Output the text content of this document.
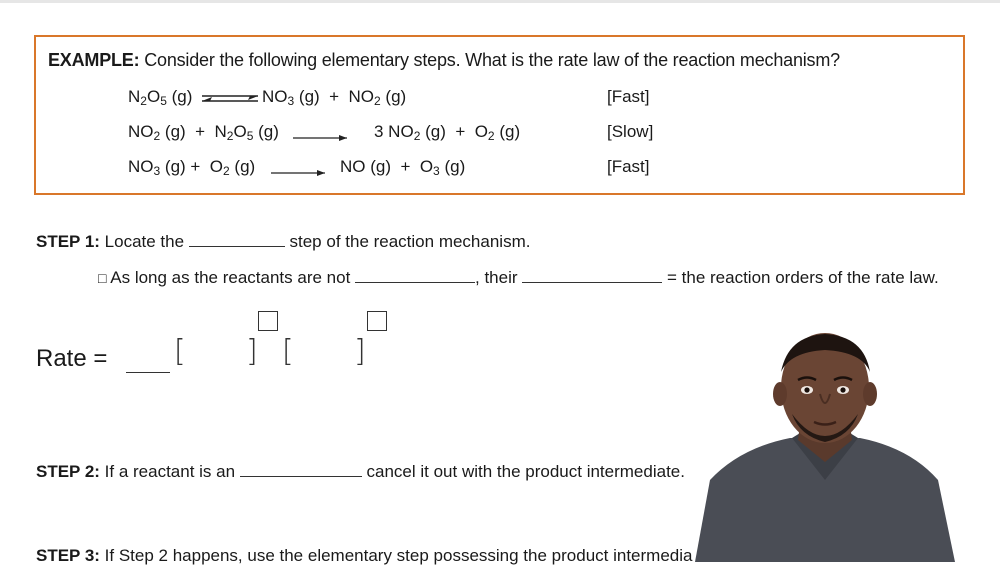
EXAMPLE: Consider the following elementary steps. What is the rate law of the reaction mechanism?
$N_2O_5$ (g) ⇌ $NO_3$ $(g) + NO_2$ (g)	[Fast]
$NO_2$ $(g) + N_2O_5$ (g)	3 $NO_2$ $(g) + O_2$ (g)	[Slow]
$NO_3$ $(g) + O_2$ (g)	NO $(g) + O_3$ (g)	[Fast]
STEP 1: Locate the	step of the reaction mechanism.
□ As long as the reactants are not	, their	= the reaction orders of the rate law.
Rate = [ ] [ ]
STEP 2: If a reactant is an	cancel it out with the product intermediate.
STEP 3: If Step 2 happens, use the elementary step possessing the product intermedia
